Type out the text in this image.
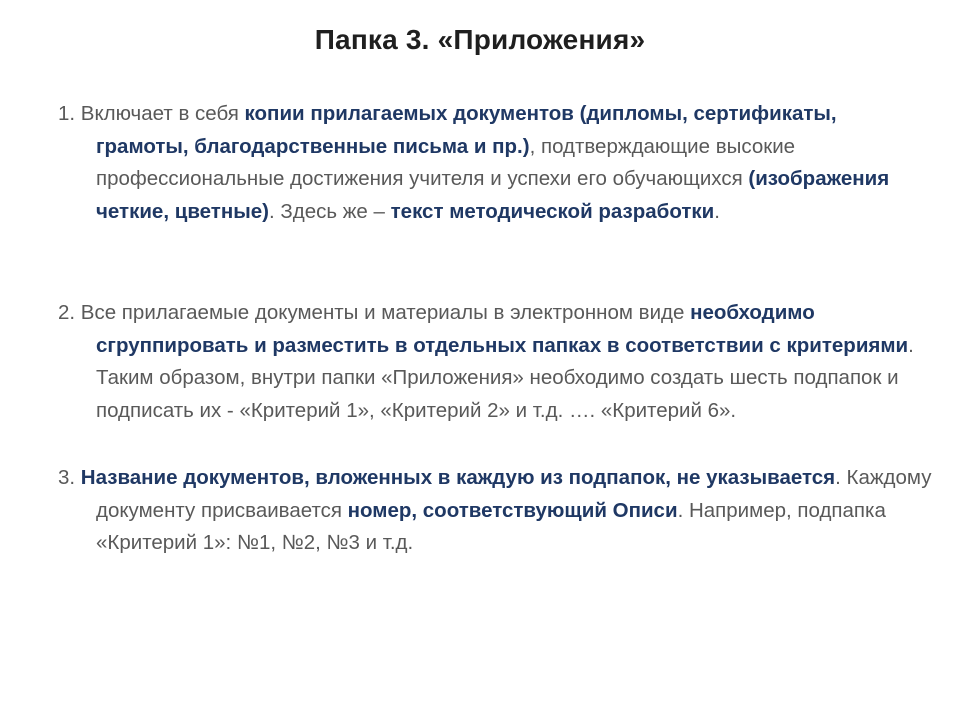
Папка 3. «Приложения»
1. Включает в себя копии прилагаемых документов (дипломы, сертификаты, грамоты, благодарственные письма и пр.), подтверждающие высокие профессиональные достижения учителя и успехи его обучающихся (изображения четкие, цветные). Здесь же – текст методической разработки.
2. Все прилагаемые документы и материалы в электронном виде необходимо сгруппировать и разместить в отдельных папках в соответствии с критериями. Таким образом, внутри папки «Приложения» необходимо создать шесть подпапок и подписать их - «Критерий 1», «Критерий 2» и т.д. …. «Критерий 6».
3. Название документов, вложенных в каждую из подпапок, не указывается. Каждому документу присваивается номер, соответствующий Описи. Например, подпапка «Критерий 1»: №1, №2, №3 и т.д.
